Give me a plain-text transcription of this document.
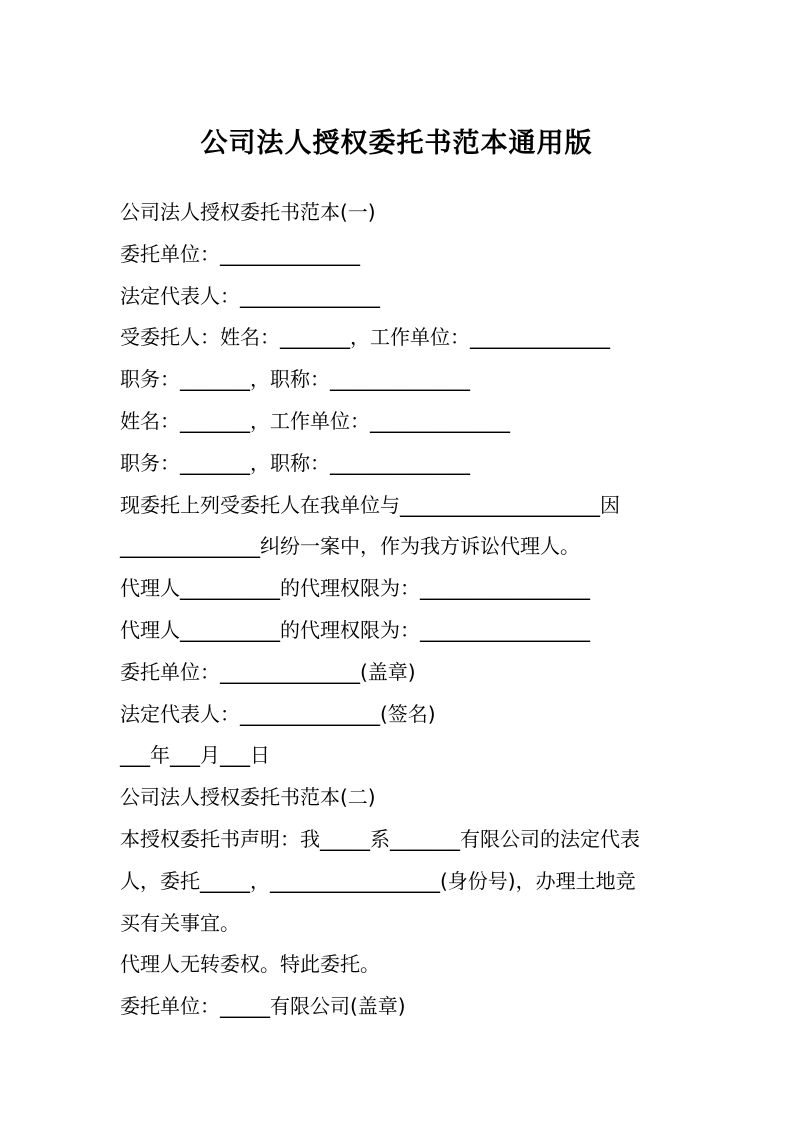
公司法人授权委托书范本通用版
公司法人授权委托书范本(一)
委托单位：______________
法定代表人：______________
受委托人：姓名：_______，工作单位：______________
职务：_______，职称：______________
姓名：_______，工作单位：______________
职务：_______，职称：______________
现委托上列受委托人在我单位与____________________因
______________纠纷一案中，作为我方诉讼代理人。
代理人__________的代理权限为：_________________
代理人__________的代理权限为：_________________
委托单位：______________(盖章)
法定代表人：______________(签名)
___年___月___日
公司法人授权委托书范本(二)
本授权委托书声明：我_____系_______有限公司的法定代表
人，委托_____，_________________(身份号)，办理土地竞
买有关事宜。
代理人无转委权。特此委托。
委托单位：_____有限公司(盖章)
